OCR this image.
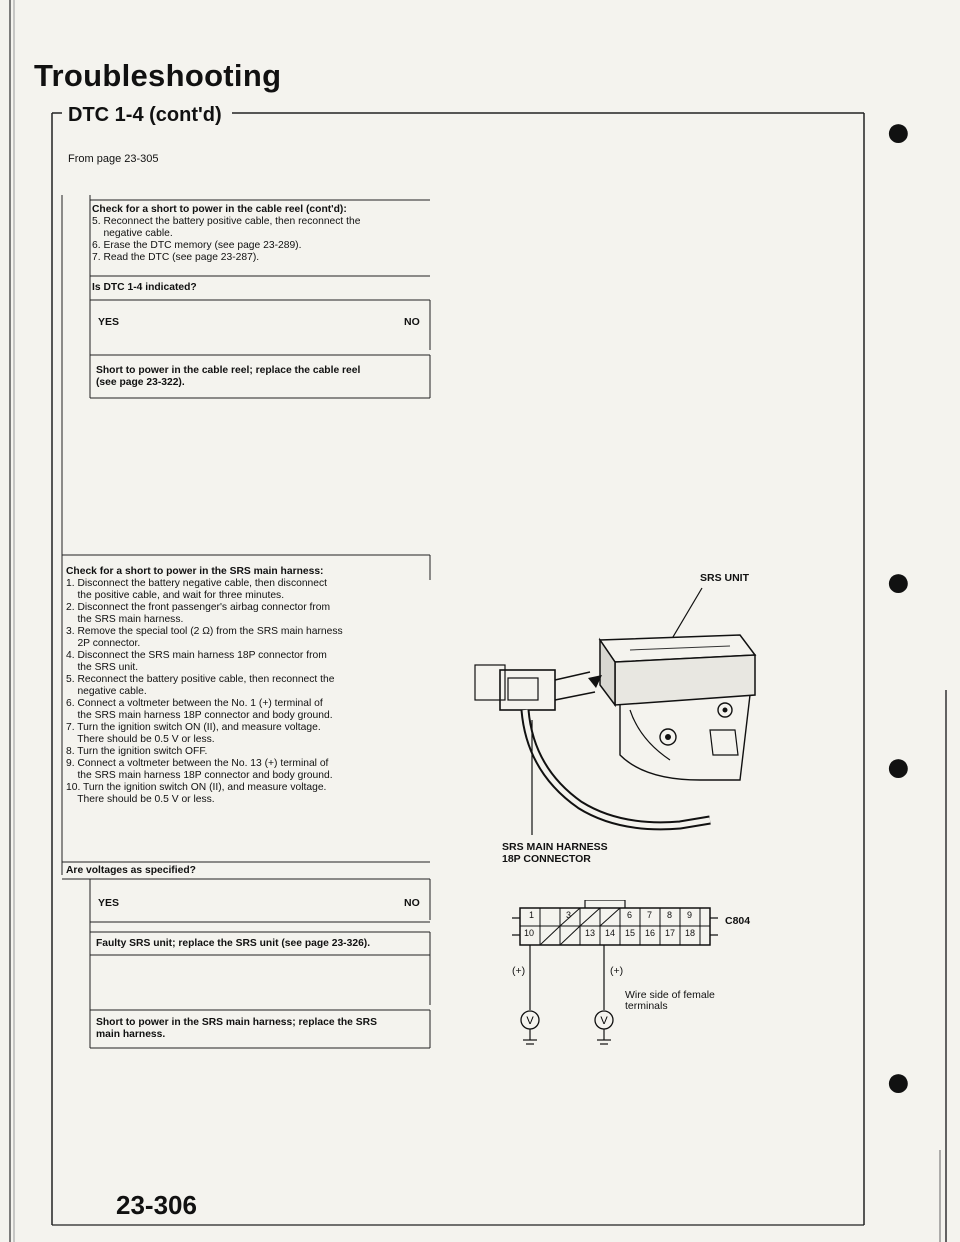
●
●
●
●
Troubleshooting
DTC 1-4 (cont'd)
From page 23-305
Check for a short to power in the cable reel (cont'd):
5. Reconnect the battery positive cable, then reconnect the
negative cable.
6. Erase the DTC memory (see page 23-289).
7. Read the DTC (see page 23-287).
Is DTC 1-4 indicated?
YES	NO
Short to power in the cable reel; replace the cable reel
(see page 23-322).
Check for a short to power in the SRS main harness:
1. Disconnect the battery negative cable, then disconnect
the positive cable, and wait for three minutes.
2. Disconnect the front passenger's airbag connector from
the SRS main harness.
3. Remove the special tool (2 Ω) from the SRS main harness
2P connector.
4. Disconnect the SRS main harness 18P connector from
the SRS unit.
5. Reconnect the battery positive cable, then reconnect the
negative cable.
6. Connect a voltmeter between the No. 1 (+) terminal of
the SRS main harness 18P connector and body ground.
7. Turn the ignition switch ON (II), and measure voltage.
There should be 0.5 V or less.
8. Turn the ignition switch OFF.
9. Connect a voltmeter between the No. 13 (+) terminal of
the SRS main harness 18P connector and body ground.
10. Turn the ignition switch ON (II), and measure voltage.
There should be 0.5 V or less.
Are voltages as specified?
YES	NO
Faulty SRS unit; replace the SRS unit (see page 23-326).
Short to power in the SRS main harness; replace the SRS
main harness.
SRS UNIT
SRS MAIN HARNESS
18P CONNECTOR
V	V
1	3	6 7 8 9
10	13 14 15 16 17 18
C804
(+)	(+)
Wire side of female
terminals
23-306
